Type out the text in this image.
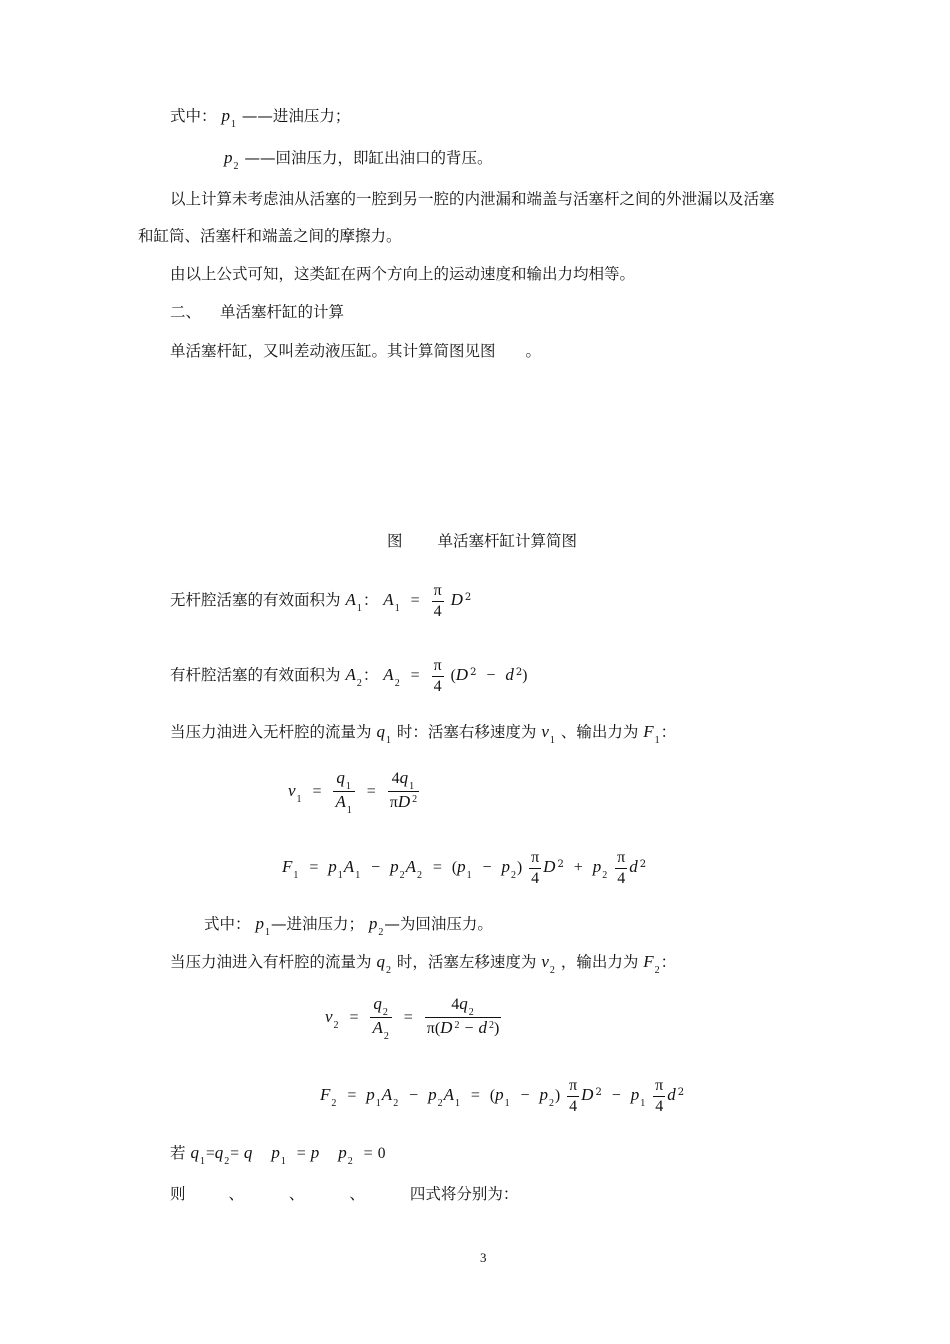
式中： $p_1$ ——进油压力；
$p_2$ ——回油压力，即缸出油口的背压。
以上计算未考虑油从活塞的一腔到另一腔的内泄漏和端盖与活塞杆之间的外泄漏以及活塞
和缸筒、活塞杆和端盖之间的摩擦力。
由以上公式可知，这类缸在两个方向上的运动速度和输出力均相等。
二、 单活塞杆缸的计算
单活塞杆缸，又叫差动液压缸。其计算简图见图 。
图 单活塞杆缸计算简图
无杆腔活塞的有效面积为 $A_1$： $A_1 = \frac{\pi}{4}$ D $^2$
有杆腔活塞的有效面积为 $A_2$： $A_2 = \frac{\pi}{4} (D$ $^2$ − d $^2$)
当压力油进入无杆腔的流量为 $q_1$ 时：活塞右移速度为 $v_1$ 、输出力为 $F_1$：
$v_1 = \frac{q_1}{A_1} = \frac{4q_1}{\pi D ^2}$
$F_1 = p_1A_1 - p_2A_2 = (p_1 - p_2) \frac{\pi}{4}$ D $^2 + p_2 \frac{\pi}{4}$ d $^2$
式中： $p_1—$进油压力； $p_2—$为回油压力。
当压力油进入有杆腔的流量为 $q_2$ 时，活塞左移速度为 $v_2$ ，输出力为 $F_2$：
$v_2 = \frac{q_2}{A_2} = \frac{4q_2}{\pi(D ^2 - d ^2)}$
$F_2 = p_1A_2 - p_2A_1 = (p_1 - p_2) \frac{\pi}{4}$ D $^2 - p_1 \frac{\pi}{4}$ d $^2$
若 $q_1=q_2= q$ $p_1 = p$ $p_2 = 0$
则	、	、	、	四式将分别为：
3
